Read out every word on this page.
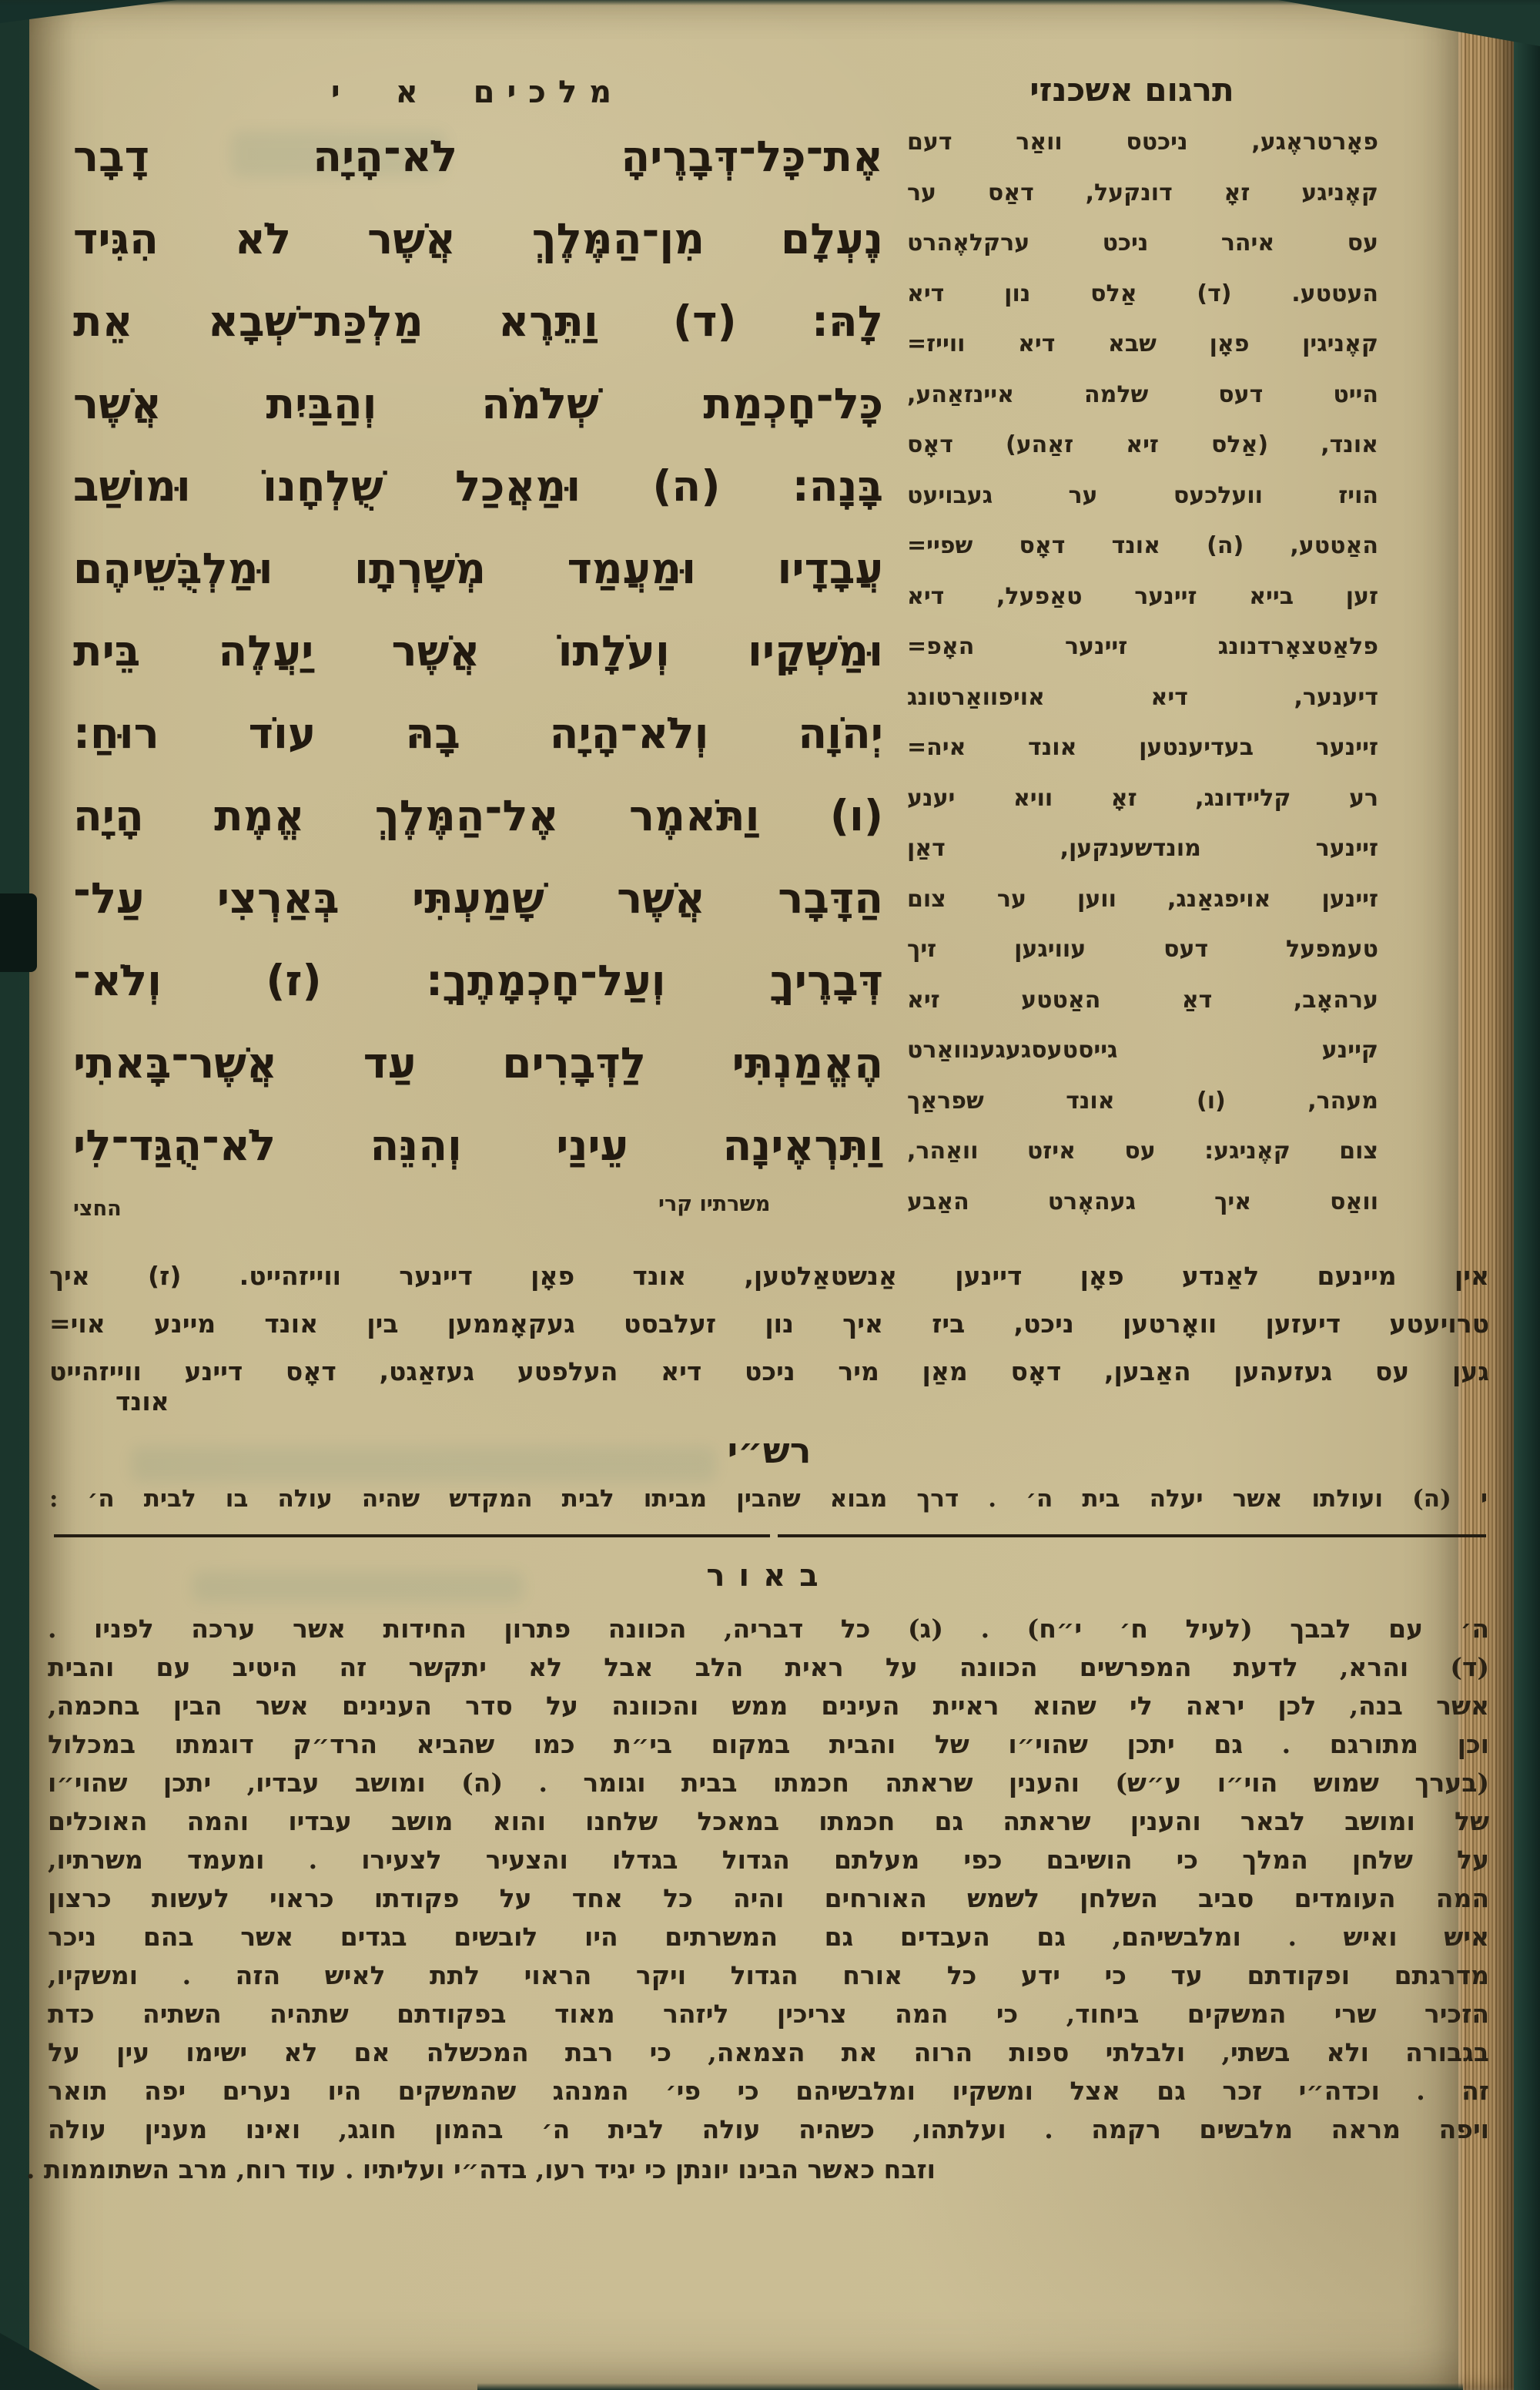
מלכים א י	תרגום אשכנזי
אֶת־כָּל־דְּבָרֶיהָ לֹא־הָיָה דָבָר
נֶעְלָם מִן־הַמֶּלֶךְ אֲשֶׁר לֹא הִגִּיד
לָהּ: (ד) וַתֵּרֶא מַלְכַּת־שְׁבָא אֵת
כָּל־חָכְמַת שְׁלֹמֹה וְהַבַּיִת אֲשֶׁר
בָּנָה: (ה) וּמַאֲכַל שֻׁלְחָנוֹ וּמוֹשַׁב
עֲבָדָיו וּמַעֲמַד מְשָׁרְתָו וּמַלְבֻּשֵׁיהֶם
וּמַשְׁקָיו וְעֹלָתוֹ אֲשֶׁר יַעֲלֶה בֵּית
יְהֹוָה וְלֹא־הָיָה בָהּ עוֹד רוּחַ:
(ו) וַתֹּאמֶר אֶל־הַמֶּלֶךְ אֱמֶת הָיָה
הַדָּבָר אֲשֶׁר שָׁמַעְתִּי בְּאַרְצִי עַל־
דְּבָרֶיךָ וְעַל־חָכְמָתֶךָ: (ז) וְלֹא־
הֶאֱמַנְתִּי לַדְּבָרִים עַד אֲשֶׁר־בָּאתִי
וַתִּרְאֶינָה עֵינַי וְהִנֵּה לֹא־הֻגַּד־לִי
פאָרטראֶגע, ניכטס וואַר דעם
קאֶניגע זאָ דונקעל, דאַס ער
עס איהר ניכט ערקלאֶהרט
העטטע. (ד) אַלס נון דיא
קאֶניגין פאָן שבא דיא ווייז=
הייט דעס שלמה איינזאַהע,
אונד, (אַלס זיא זאַהע) דאָס
הויז וועלכעס ער געבויעט
האַטטע, (ה) אונד דאָס שפיי=
זען בייא זיינער טאַפעל, דיא
פלאַטצאָרדנונג זיינער האָפ=
דיענער, דיא אויפוואַרטונג
זיינער בעדיענטען אונד איה=
רע קליידונג, זאָ וויא יענע
זיינער מונדשענקען, דאַן
זיינען אויפגאַנג, ווען ער צום
טעמפעל דעס עוויגען זיך
ערהאָב, דאַ האַטטע זיא
קיינע גייסטעסגעגענוואַרט
מעהר, (ו) אונד שפראַך
צום קאֶניגע: עס איזט וואַהר,
וואַס איך געהאֶרט האַבע
משרתיו קרי
החצי
אין מיינעם לאַנדע פאָן דיינען אַנשטאַלטען, אונד פאָן דיינער ווייזהייט. (ז) איך
טרויעטע דיעזען וואָרטען ניכט, ביז איך נון זעלבסט געקאָממען בין אונד מיינע אוי=
גען עס געזעהען האַבען, דאָס מאַן מיר ניכט דיא העלפטע געזאַגט, דאָס דיינע ווייזהייט
אונד
רש״י
י (ה) ועולתו אשר יעלה בית ה׳ . דרך מבוא שהבין מביתו לבית המקדש שהיה עולה בו לבית ה׳ :
באור
ה׳ עם לבבך (לעיל ח׳ י״ח) . (ג) כל דבריה, הכוונה פתרון החידות אשר ערכה לפניו .
(ד) והרא, לדעת המפרשים הכוונה על ראית הלב אבל לא יתקשר זה היטיב עם והבית
אשר בנה, לכן יראה לי שהוא ראיית העינים ממש והכוונה על סדר הענינים אשר הבין בחכמה,
וכן מתורגם . גם יתכן שהוי״ו של והבית במקום בי״ת כמו שהביא הרד״ק דוגמתו במכלול
(בערך שמוש הוי״ו ע״ש) והענין שראתה חכמתו בבית וגומר . (ה) ומושב עבדיו, יתכן שהוי״ו
של ומושב לבאר והענין שראתה גם חכמתו במאכל שלחנו והוא מושב עבדיו והמה האוכלים
על שלחן המלך כי הושיבם כפי מעלתם הגדול בגדלו והצעיר לצעירו . ומעמד משרתיו,
המה העומדים סביב השלחן לשמש האורחים והיה כל אחד על פקודתו כראוי לעשות כרצון
איש ואיש . ומלבשיהם, גם העבדים גם המשרתים היו לובשים בגדים אשר בהם ניכר
מדרגתם ופקודתם עד כי ידע כל אורח הגדול ויקר הראוי לתת לאיש הזה . ומשקיו,
הזכיר שרי המשקים ביחוד, כי המה צריכין ליזהר מאוד בפקודתם שתהיה השתיה כדת
בגבורה ולא בשתי, ולבלתי ספות הרוה את הצמאה, כי רבת המכשלה אם לא ישימו עין על
זה . וכדה״י זכר גם אצל ומשקיו ומלבשיהם כי פי׳ המנהג שהמשקים היו נערים יפה תואר
ויפה מראה מלבשים רקמה . ועלתהו, כשהיה עולה לבית ה׳ בהמון חוגג, ואינו מענין עולה
וזבח כאשר הבינו יונתן כי יגיד רעו, בדה״י ועליתיו . עוד רוח, מרב השתוממות .
